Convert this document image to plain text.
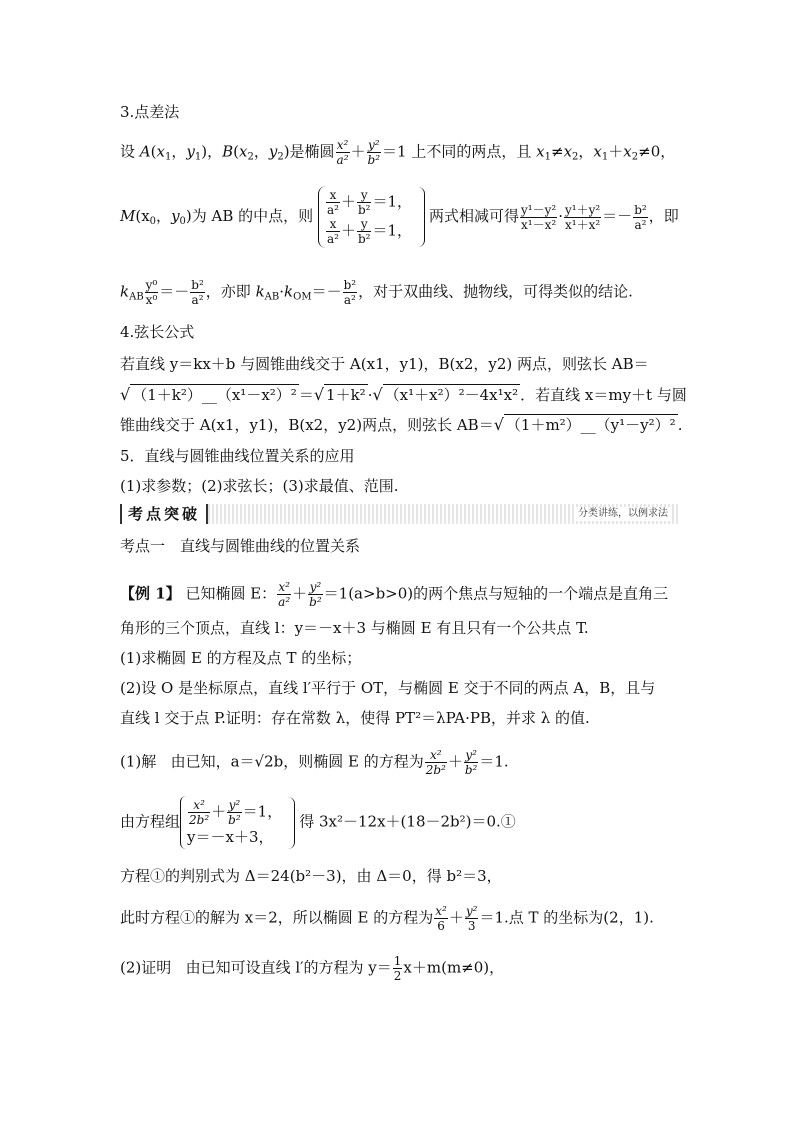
3.点差法
设 $A(x_1$，$y_1$)，$B(x_2$，$y_2$)是椭圆 $\frac{\text{x²}}{\text{a²}} + \frac{\text{y²}}{\text{b²}} =1$ 上不同的两点，且 $x_1\ne x_2$，$x_1+x_2\ne 0$，
$M(x_0$，$y_0$)为 AB 的中点，则 $\frac{x}{\text{a²}} + \frac{y}{\text{b²}} =1$，
$\frac{x}{\text{a²}} + \frac{y}{\text{b²}} =1$，
两式相减可得 $\frac{\text{y¹－y²}}{\text{x¹－x²}} \cdot \frac{\text{y¹＋y²}}{\text{x¹＋x²}} =- \frac{\text{b²}}{\text{a²}}$ ，即
$k_{AB} \frac{\text{y⁰}}{\text{x⁰}} =- \frac{\text{b²}}{\text{a²}}$ ，亦即 $k_{AB}\cdot k_{OM}=- \frac{\text{b²}}{\text{a²}}$ ，对于双曲线、抛物线，可得类似的结论.
4.弦长公式
若直线 y＝kx＋b 与圆锥曲线交于 A(x1，y1)，B(x2，y2) 两点，则弦长 AB＝
√ （1＋k²）__（x¹－x²）² ＝√ 1＋k² ·√ （x¹＋x²）²－4x¹x² ．若直线 x＝my＋t 与圆
锥曲线交于 A(x1，y1)，B(x2，y2)两点，则弦长 AB＝√ （1＋m²）__（y¹－y²）² .
5．直线与圆锥曲线位置关系的应用
(1)求参数；(2)求弦长；(3)求最值、范围.
考点突破	分类讲练，以例求法
考点一　直线与圆锥曲线的位置关系
【例 1】 已知椭圆 E： $\frac{\text{x²}}{\text{a²}} + \frac{\text{y²}}{\text{b²}} =1(a>b>0)$的两个焦点与短轴的一个端点是直角三
角形的三个顶点，直线 l：y＝－x＋3 与椭圆 E 有且只有一个公共点 T.
(1)求椭圆 E 的方程及点 T 的坐标；
(2)设 O 是坐标原点，直线 l′平行于 OT，与椭圆 E 交于不同的两点 A，B，且与
直线 l 交于点 P.证明：存在常数 λ，使得 PT²＝λPA·PB，并求 λ 的值.
(1)解 由已知，a＝√2b，则椭圆 E 的方程为 $\frac{\text{x²}}{\text{2b²}} + \frac{\text{y²}}{\text{b²}} =1$.
由方程组 $\frac{\text{x²}}{\text{2b²}} + \frac{\text{y²}}{\text{b²}} =1$，
y＝－x＋3，
得 3x²－12x＋(18－2b²)＝0.①
方程①的判别式为 Δ＝24(b²－3)，由 Δ＝0，得 b²＝3，
此时方程①的解为 x＝2，所以椭圆 E 的方程为 $\frac{\text{x²}}{6} + \frac{\text{y²}}{3} =1$.点 T 的坐标为(2，1).
(2)证明 由已知可设直线 l′的方程为 $y= \frac{1}{2} x+m(m\ne 0)$，
